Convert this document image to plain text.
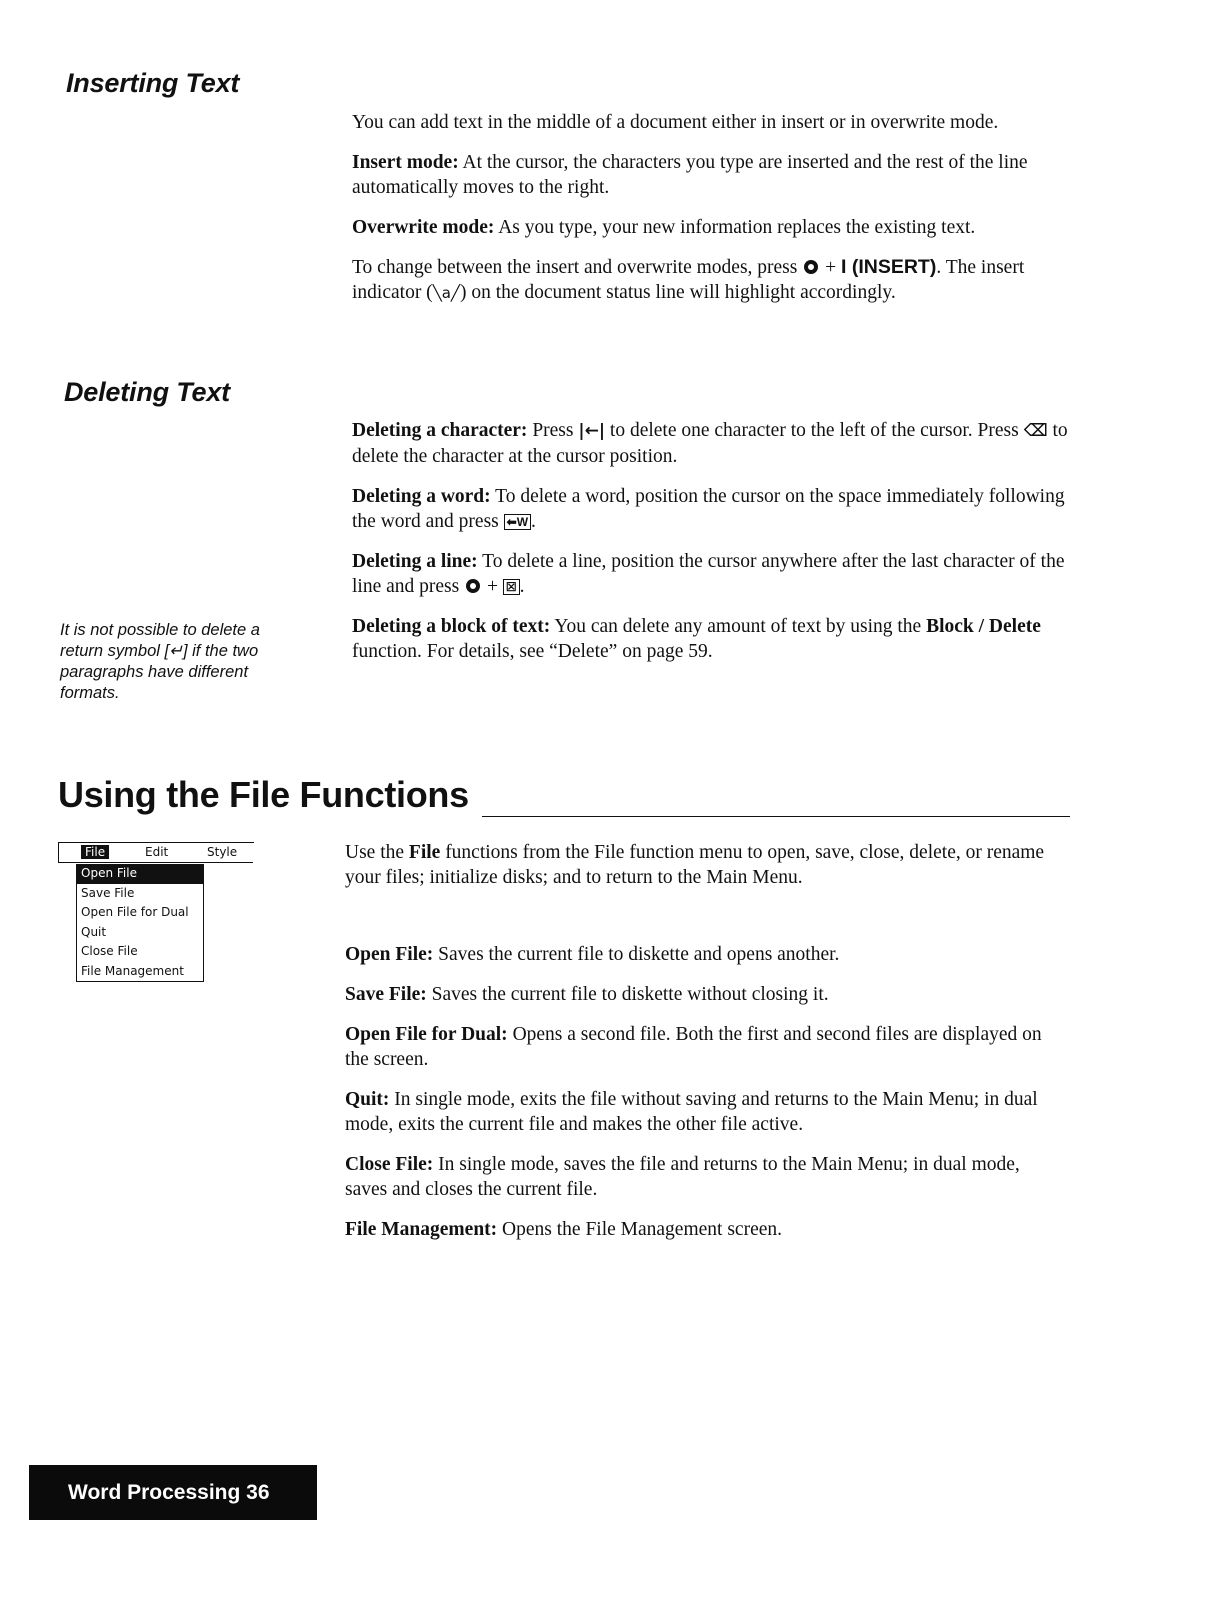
Inserting Text

You can add text in the middle of a document either in insert or in overwrite mode.

Insert mode: At the cursor, the characters you type are inserted and the rest of the line automatically moves to the right.

Overwrite mode: As you type, your new information replaces the existing text.

To change between the insert and overwrite modes, press  + I (INSERT). The insert indicator (╲a╱) on the document status line will highlight accordingly.

Deleting Text

Deleting a character: Press |←| to delete one character to the left of the cursor. Press ⌫ to delete the character at the cursor position.

Deleting a word: To delete a word, position the cursor on the space immediately following the word and press ⬅W .

Deleting a line: To delete a line, position the cursor anywhere after the last character of the line and press  + ☒ .

Deleting a block of text: You can delete any amount of text by using the Block / Delete function. For details, see “Delete” on page 59.

It is not possible to delete a return symbol [↵] if the two paragraphs have different formats.
Using the File Functions
File	Edit	Style
Open File
Save File
Open File for Dual
Quit
Close File
File Management

Use the File functions from the File function menu to open, save, close, delete, or rename your files; initialize disks; and to return to the Main Menu.

Open File: Saves the current file to diskette and opens another.

Save File: Saves the current file to diskette without closing it.

Open File for Dual: Opens a second file. Both the first and second files are displayed on the screen.

Quit: In single mode, exits the file without saving and returns to the Main Menu; in dual mode, exits the current file and makes the other file active.

Close File: In single mode, saves the file and returns to the Main Menu; in dual mode, saves and closes the current file.

File Management: Opens the File Management screen.

Word Processing 36
